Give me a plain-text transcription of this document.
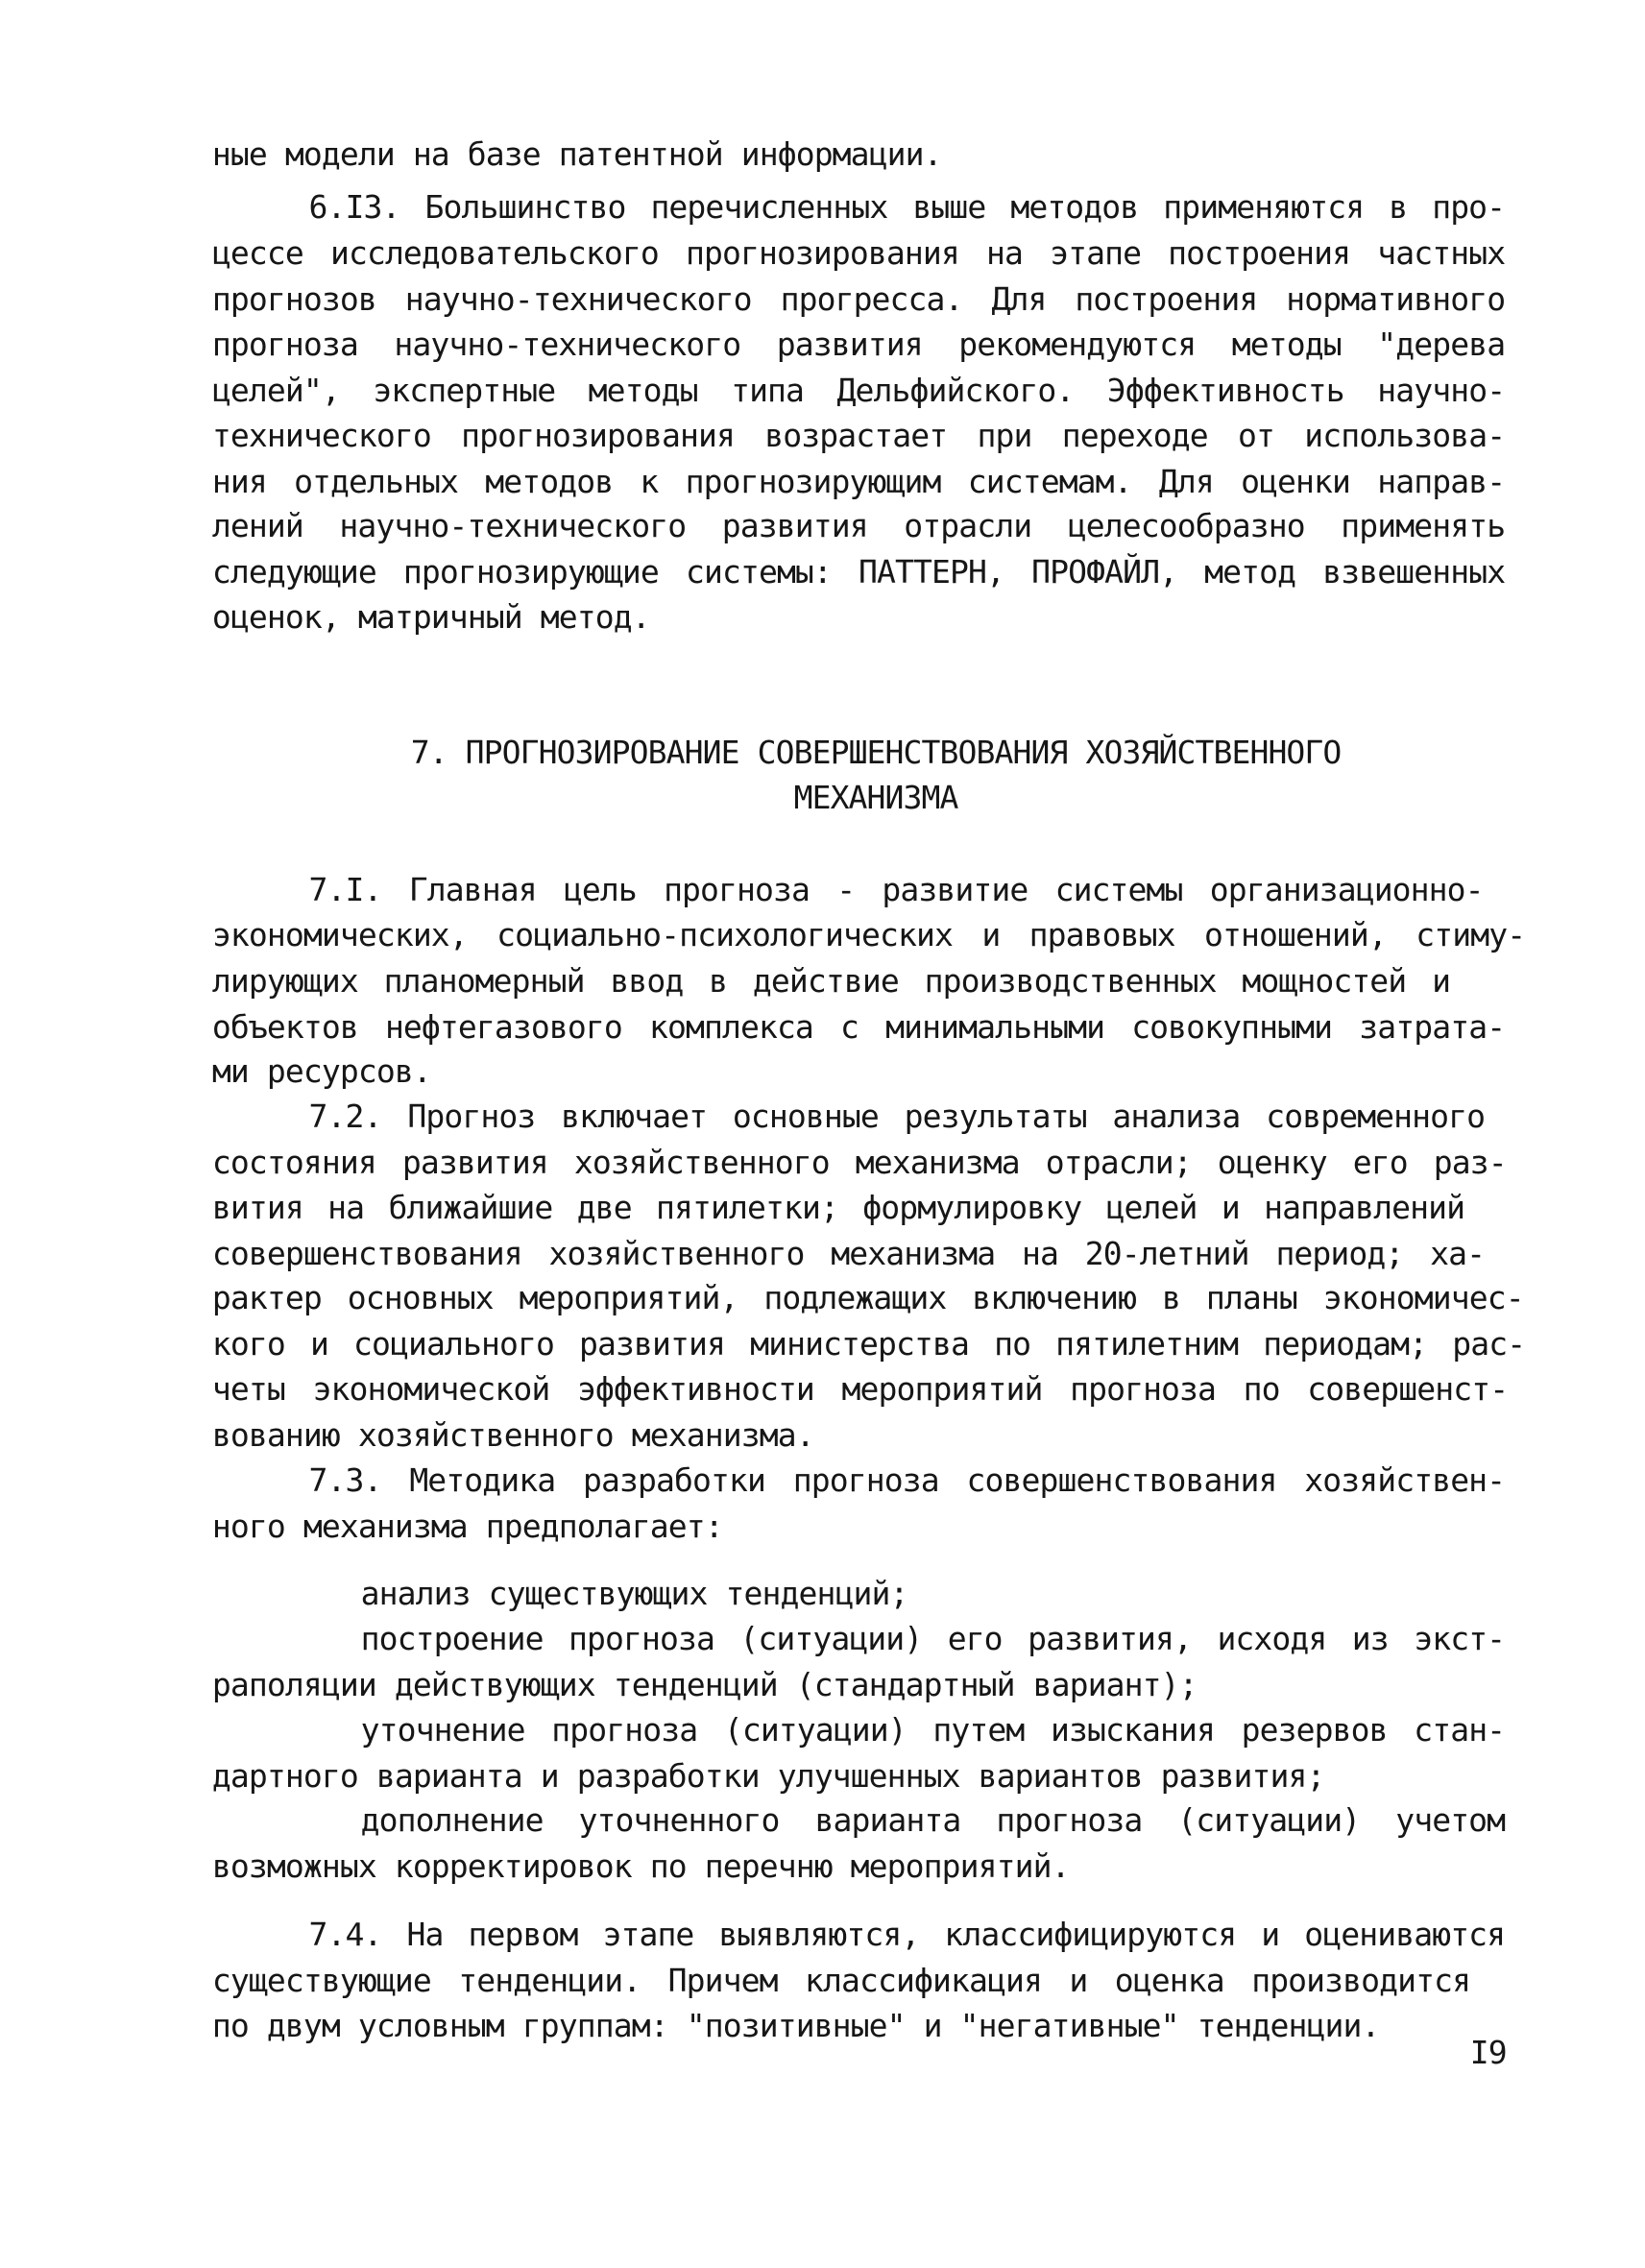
ные модели на базе патентной информации.
6.I3. Большинство перечисленных выше методов применяются в про-
цессе исследовательского прогнозирования на этапе построения частных
прогнозов научно-технического прогресса. Для построения нормативного
прогноза научно-технического развития рекомендуются методы "дерева
целей", экспертные методы типа Дельфийского. Эффективность научно-
технического прогнозирования возрастает при переходе от использова-
ния отдельных методов к прогнозирующим системам. Для оценки направ-
лений научно-технического развития отрасли целесообразно применять
следующие прогнозирующие системы: ПАТТЕРН, ПРОФАЙЛ, метод взвешенных
оценок, матричный метод.
7. ПРОГНОЗИРОВАНИЕ СОВЕРШЕНСТВОВАНИЯ ХОЗЯЙСТВЕННОГО
МЕХАНИЗМА
7.I. Главная цель прогноза - развитие системы организационно-
экономических, социально-психологических и правовых отношений, стиму-
лирующих планомерный ввод в действие производственных мощностей и
объектов нефтегазового комплекса с минимальными совокупными затрата-
ми ресурсов.
7.2. Прогноз включает основные результаты анализа современного
состояния развития хозяйственного механизма отрасли; оценку его раз-
вития на ближайшие две пятилетки; формулировку целей и направлений
совершенствования хозяйственного механизма на 20-летний период; ха-
рактер основных мероприятий, подлежащих включению в планы экономичес-
кого и социального развития министерства по пятилетним периодам; рас-
четы экономической эффективности мероприятий прогноза по совершенст-
вованию хозяйственного механизма.
7.3. Методика разработки прогноза совершенствования хозяйствен-
ного механизма предполагает:
анализ существующих тенденций;
построение прогноза (ситуации) его развития, исходя из экст-
раполяции действующих тенденций (стандартный вариант);
уточнение прогноза (ситуации) путем изыскания резервов стан-
дартного варианта и разработки улучшенных вариантов развития;
дополнение уточненного варианта прогноза (ситуации) учетом
возможных корректировок по перечню мероприятий.
7.4. На первом этапе выявляются, классифицируются и оцениваются
существующие тенденции. Причем классификация и оценка производится
по двум условным группам: "позитивные" и "негативные" тенденции.
I9
